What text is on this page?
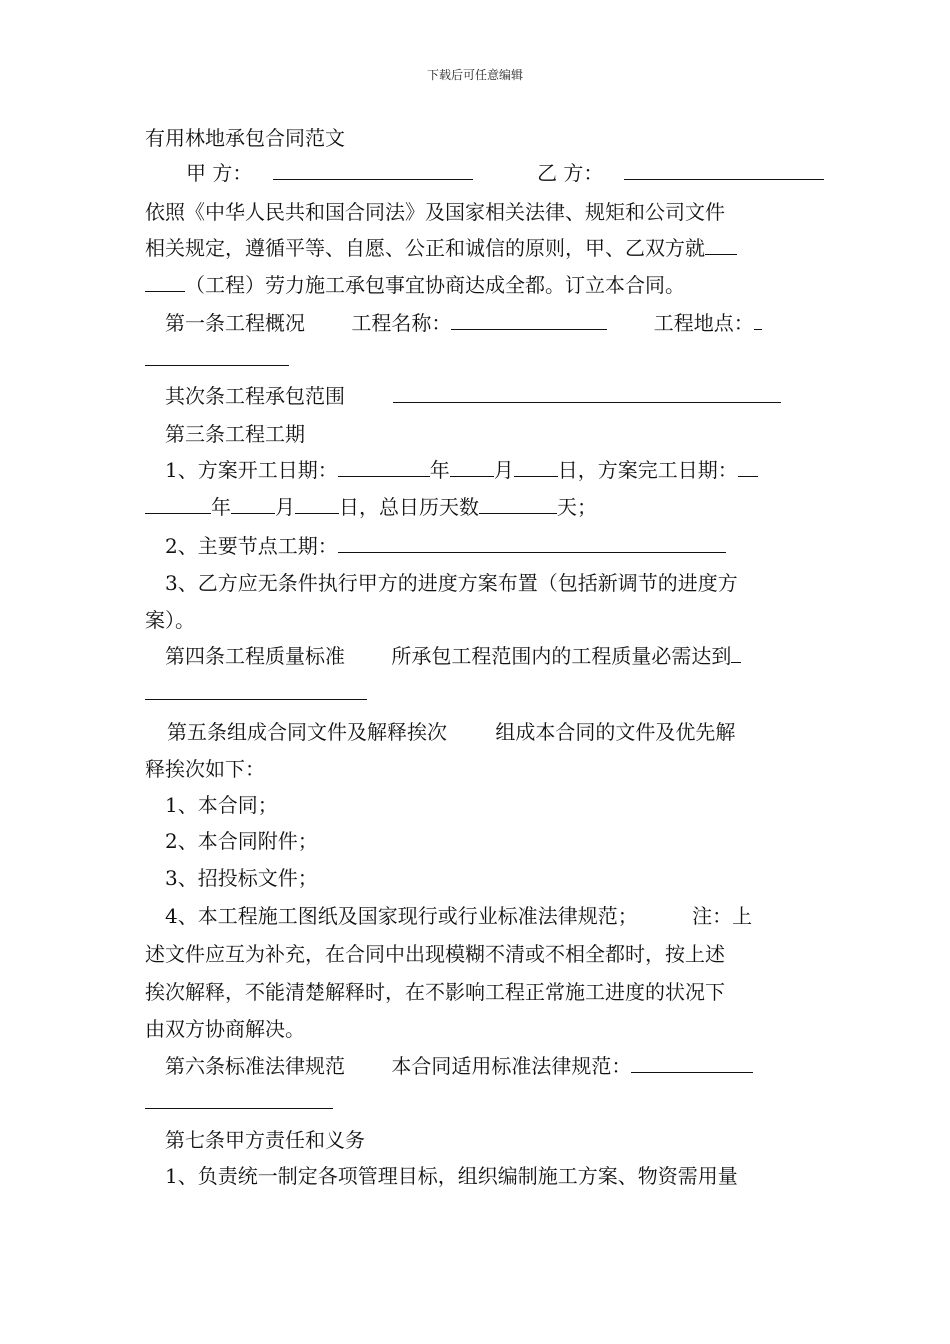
下载后可任意编辑
有用林地承包合同范文
甲 方：	乙 方：
依照《中华人民共和国合同法》及国家相关法律、规矩和公司文件
相关规定，遵循平等、自愿、公正和诚信的原则，甲、乙双方就
（工程）劳力施工承包事宜协商达成全都。订立本合同。
第一条工程概况 工程名称：	工程地点：
其次条工程承包范围
第三条工程工期
1、方案开工日期：	年 月 日，方案完工日期：
年 月 日，总日历天数	天；
2、主要节点工期：
3、乙方应无条件执行甲方的进度方案布置（包括新调节的进度方
案）。
第四条工程质量标准 所承包工程范围内的工程质量必需达到
第五条组成合同文件及解释挨次 组成本合同的文件及优先解
释挨次如下：
1、本合同；
2、本合同附件；
3、招投标文件；
4、本工程施工图纸及国家现行或行业标准法律规范；	注：上
述文件应互为补充，在合同中出现模糊不清或不相全都时，按上述
挨次解释，不能清楚解释时，在不影响工程正常施工进度的状况下
由双方协商解决。
第六条标准法律规范 本合同适用标准法律规范：
第七条甲方责任和义务
1、负责统一制定各项管理目标，组织编制施工方案、物资需用量
